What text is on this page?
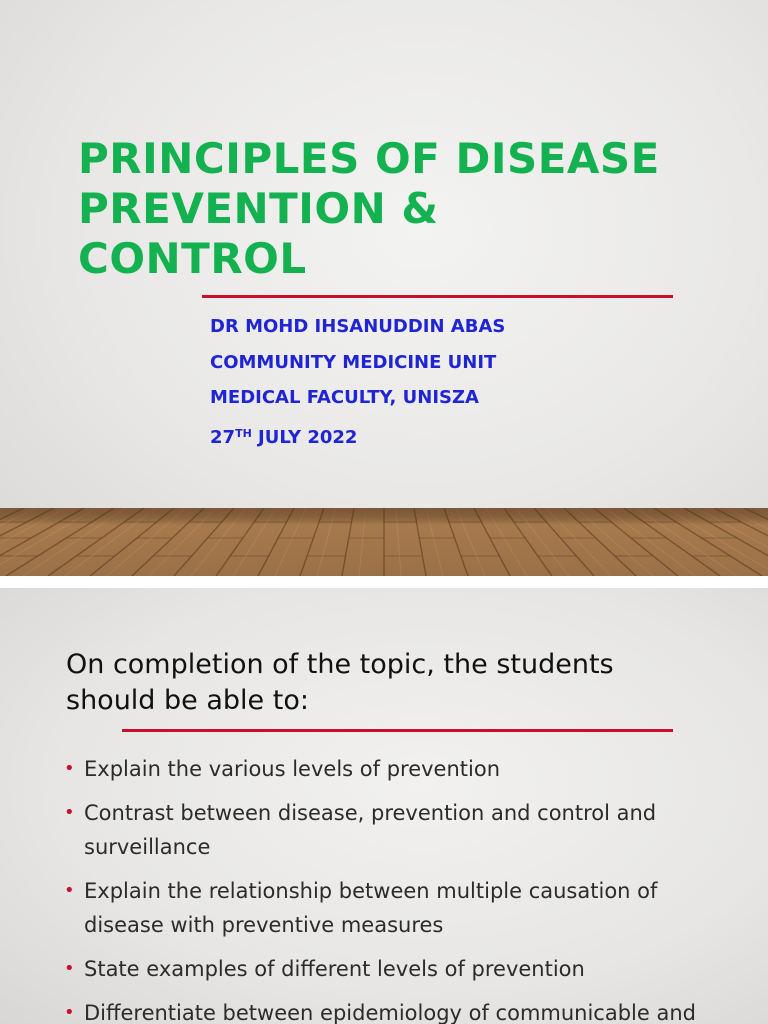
PRINCIPLES OF DISEASE
PREVENTION &
CONTROL
DR MOHD IHSANUDDIN ABAS
COMMUNITY MEDICINE UNIT
MEDICAL FACULTY, UNISZA
27TH JULY 2022
On completion of the topic, the students should be able to:
• Explain the various levels of prevention
• Contrast between disease, prevention and control and surveillance
• Explain the relationship between multiple causation of disease with preventive measures
• State examples of different levels of prevention
• Differentiate between epidemiology of communicable and
